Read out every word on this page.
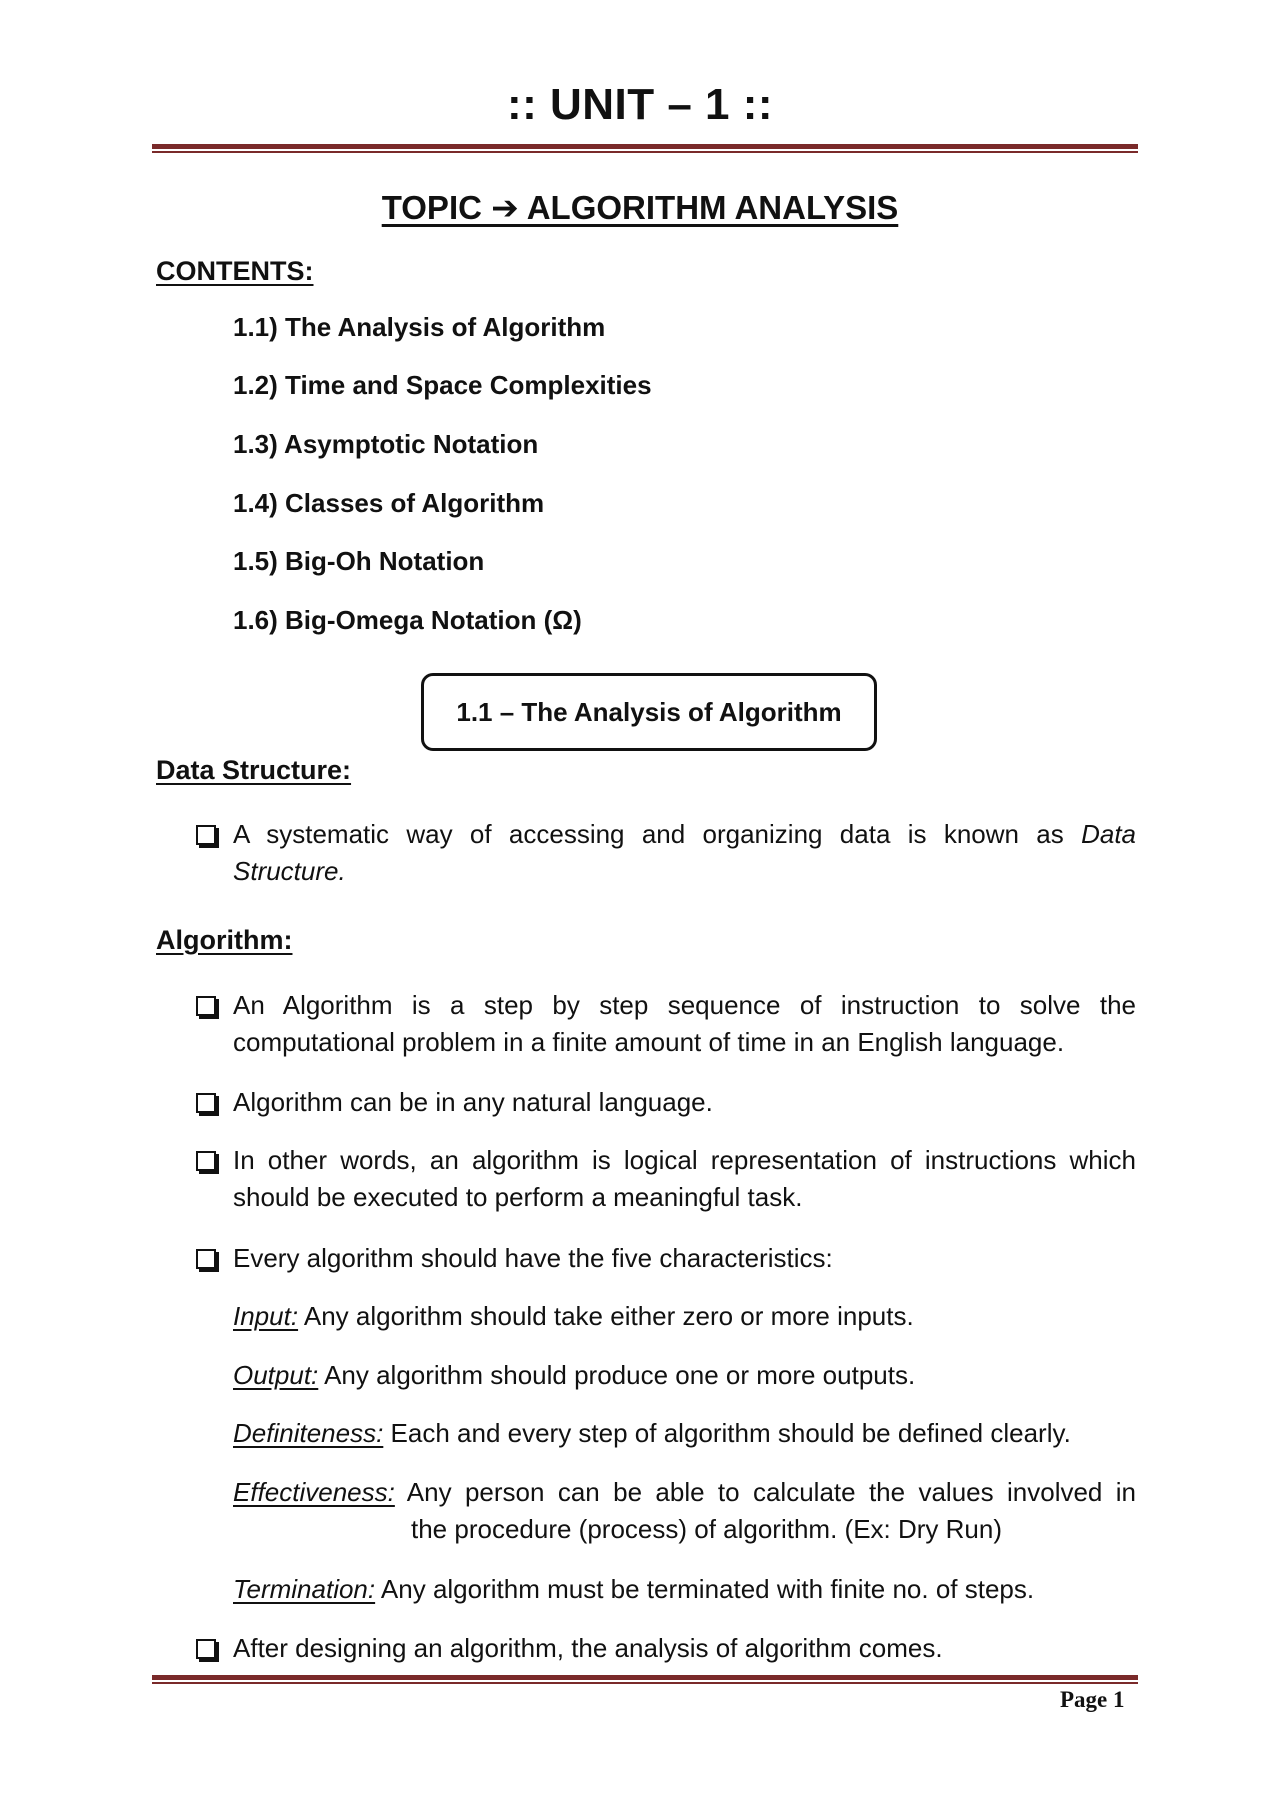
:: UNIT – 1 ::
TOPIC ➔ ALGORITHM ANALYSIS
CONTENTS:
1.1) The Analysis of Algorithm
1.2) Time and Space Complexities
1.3) Asymptotic Notation
1.4) Classes of Algorithm
1.5) Big-Oh Notation
1.6) Big-Omega Notation (Ω)
1.1 – The Analysis of Algorithm
Data Structure:
A systematic way of accessing and organizing data is known as Data Structure.
Algorithm:
An Algorithm is a step by step sequence of instruction to solve the computational problem in a finite amount of time in an English language.
Algorithm can be in any natural language.
In other words, an algorithm is logical representation of instructions which should be executed to perform a meaningful task.
Every algorithm should have the five characteristics:
Input: Any algorithm should take either zero or more inputs.
Output: Any algorithm should produce one or more outputs.
Definiteness: Each and every step of algorithm should be defined clearly.
Effectiveness: Any person can be able to calculate the values involved in
the procedure (process) of algorithm. (Ex: Dry Run)
Termination: Any algorithm must be terminated with finite no. of steps.
After designing an algorithm, the analysis of algorithm comes.
Page 1
